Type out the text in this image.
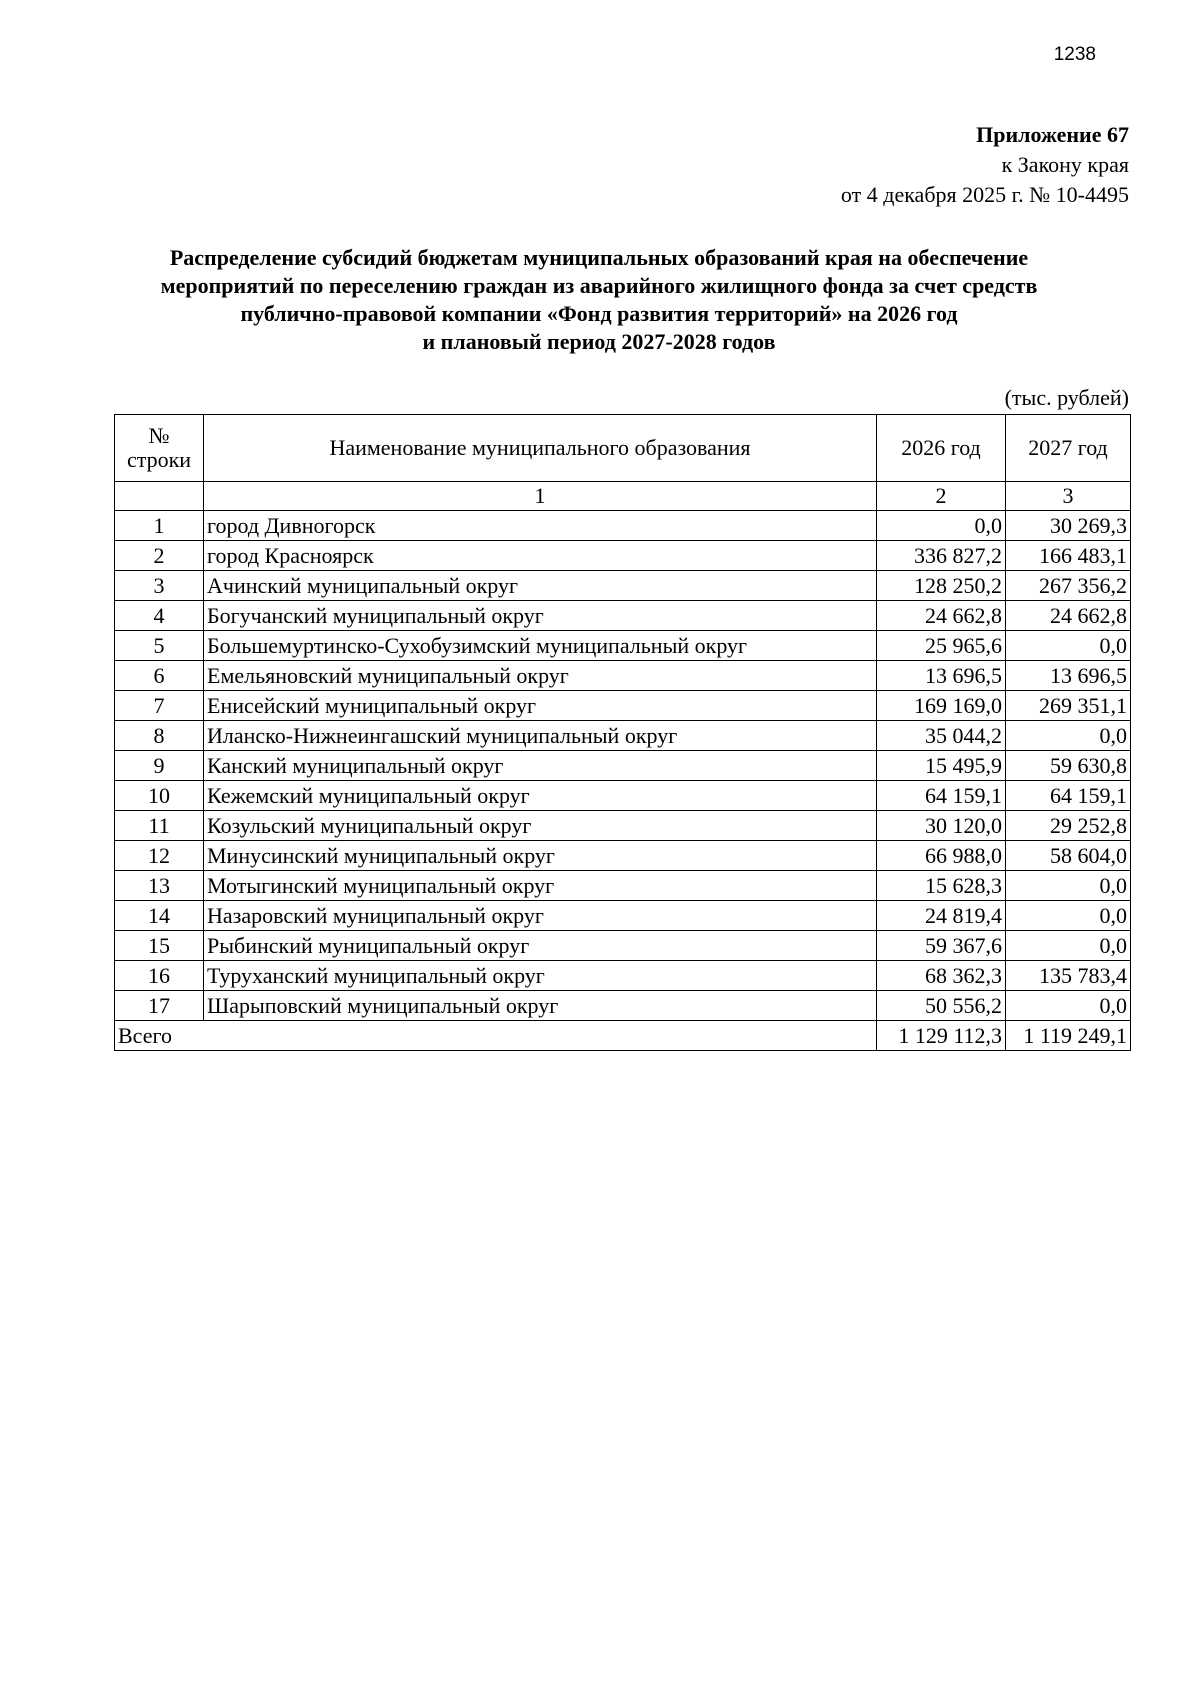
1238
Приложение 67
к Закону края
от 4 декабря 2025 г. № 10-4495
Распределение субсидий бюджетам муниципальных образований края на обеспечение
мероприятий по переселению граждан из аварийного жилищного фонда за счет средств
публично-правовой компании «Фонд развития территорий» на 2026 год
и плановый период 2027-2028 годов
(тыс. рублей)
№
строки	Наименование муниципального образования	2026 год	2027 год
	1	2	3
1	город Дивногорск	0,0	30 269,3
2	город Красноярск	336 827,2	166 483,1
3	Ачинский муниципальный округ	128 250,2	267 356,2
4	Богучанский муниципальный округ	24 662,8	24 662,8
5	Большемуртинско-Сухобузимский муниципальный округ	25 965,6	0,0
6	Емельяновский муниципальный округ	13 696,5	13 696,5
7	Енисейский муниципальный округ	169 169,0	269 351,1
8	Иланско-Нижнеингашский муниципальный округ	35 044,2	0,0
9	Канский муниципальный округ	15 495,9	59 630,8
10	Кежемский муниципальный округ	64 159,1	64 159,1
11	Козульский муниципальный округ	30 120,0	29 252,8
12	Минусинский муниципальный округ	66 988,0	58 604,0
13	Мотыгинский муниципальный округ	15 628,3	0,0
14	Назаровский муниципальный округ	24 819,4	0,0
15	Рыбинский муниципальный округ	59 367,6	0,0
16	Туруханский муниципальный округ	68 362,3	135 783,4
17	Шарыповский муниципальный округ	50 556,2	0,0
Всего		1 129 112,3	1 119 249,1
